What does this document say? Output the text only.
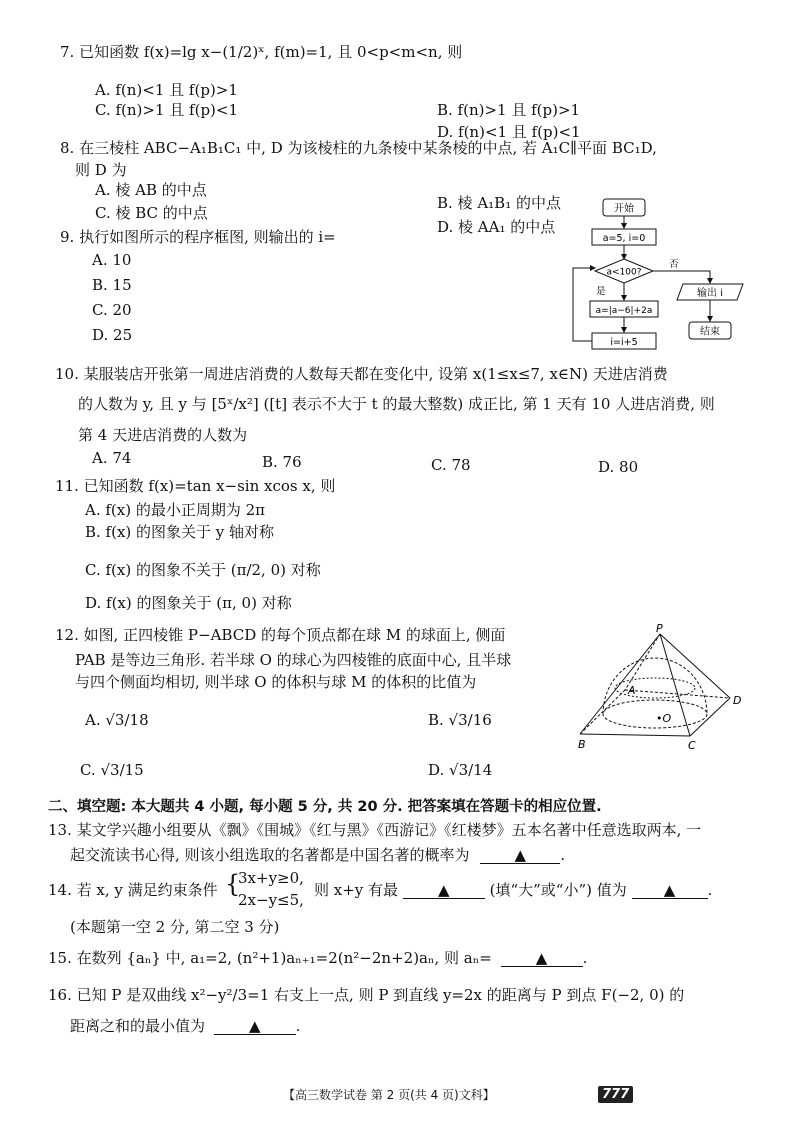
7. 已知函数 f(x)=lg x−(1/2)ˣ, f(m)=1, 且 0<p<m<n, 则
A. f(n)<1 且 f(p)>1
C. f(n)>1 且 f(p)<1	B. f(n)>1 且 f(p)>1
D. f(n)<1 且 f(p)<1
8. 在三棱柱 ABC−A₁B₁C₁ 中, D 为该棱柱的九条棱中某条棱的中点, 若 A₁C∥平面 BC₁D,
则 D 为
A. 棱 AB 的中点
C. 棱 BC 的中点
B. 棱 A₁B₁ 的中点
D. 棱 AA₁ 的中点
9. 执行如图所示的程序框图, 则输出的 i=
A. 10
B. 15
C. 20
D. 25
开始
a=5, i=0
a<100?
否
输出 i
结束
是
a=|a−6|+2a
i=i+5
10. 某服装店开张第一周进店消费的人数每天都在变化中, 设第 x(1≤x≤7, x∈N) 天进店消费
的人数为 y, 且 y 与 [5ˣ/x²] ([t] 表示不大于 t 的最大整数) 成正比, 第 1 天有 10 人进店消费, 则
第 4 天进店消费的人数为
A. 74	B. 76	C. 78	D. 80
11. 已知函数 f(x)=tan x−sin xcos x, 则
A. f(x) 的最小正周期为 2π
B. f(x) 的图象关于 y 轴对称
C. f(x) 的图象不关于 (π/2, 0) 对称
D. f(x) 的图象关于 (π, 0) 对称
12. 如图, 正四棱锥 P−ABCD 的每个顶点都在球 M 的球面上, 侧面
PAB 是等边三角形. 若半球 O 的球心为四棱锥的底面中心, 且半球
与四个侧面均相切, 则半球 O 的体积与球 M 的体积的比值为
A. √3/18	B. √3/16
C. √3/15	D. √3/14
P
A
B	C
D
•O
二、填空题: 本大题共 4 小题, 每小题 5 分, 共 20 分. 把答案填在答题卡的相应位置.
13. 某文学兴趣小组要从《飘》《围城》《红与黑》《西游记》《红楼梦》五本名著中任意选取两本, 一
起交流读书心得, 则该小组选取的名著都是中国名著的概率为	▲ .
14. 若 x, y 满足约束条件 {
3x+y≥0,
2x−y≤5,
则 x+y 有最	▲	(填“大”或“小”) 值为 ▲ .
(本题第一空 2 分, 第二空 3 分)
15. 在数列 {aₙ} 中, a₁=2, (n²+1)aₙ₊₁=2(n²−2n+2)aₙ, 则 aₙ=	▲ .
16. 已知 P 是双曲线 x²−y²/3=1 右支上一点, 则 P 到直线 y=2x 的距离与 P 到点 F(−2, 0) 的
距离之和的最小值为	▲ .
【高三数学试卷 第 2 页(共 4 页)文科】	777
